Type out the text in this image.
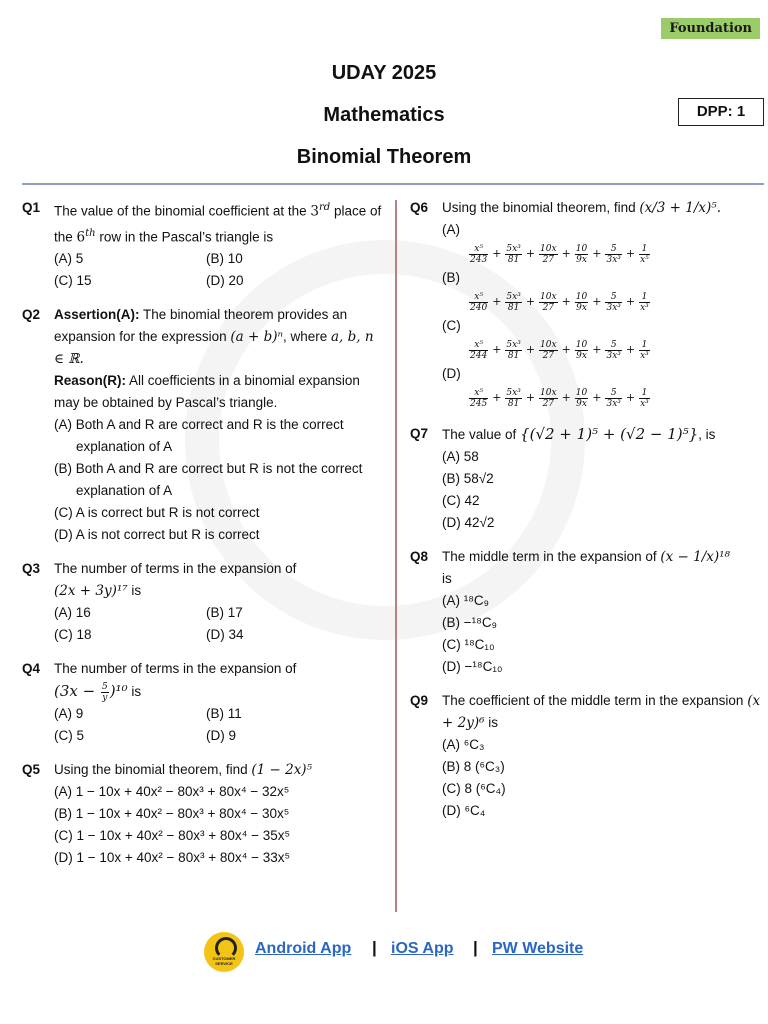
Foundation
UDAY 2025
Mathematics
Binomial Theorem
DPP: 1
Q1 The value of the binomial coefficient at the 3rd place of the 6th row in the Pascal’s triangle is
(A) 5	(B) 10
(C) 15	(D) 20
Q2 Assertion(A): The binomial theorem provides an expansion for the expression (a + b)ⁿ, where a, b, n ∈ ℝ.
Reason(R): All coefficients in a binomial expansion may be obtained by Pascal’s triangle.
(A) Both A and R are correct and R is the correct explanation of A
(B) Both A and R are correct but R is not the correct explanation of A
(C) A is correct but R is not correct
(D) A is not correct but R is correct
Q3 The number of terms in the expansion of
(2x + 3y)¹⁷ is
(A) 16	(B) 17
(C) 18	(D) 34
Q4 The number of terms in the expansion of
$(3x - \frac{5}{y} )^{10}$ is
(A) 9	(B) 11
(C) 5	(D) 9
Q5 Using the binomial theorem, find (1 − 2x)⁵
(A) 1 − 10x + 40x² − 80x³ + 80x⁴ − 32x⁵
(B) 1 − 10x + 40x² − 80x³ + 80x⁴ − 30x⁵
(C) 1 − 10x + 40x² − 80x³ + 80x⁴ − 35x⁵
(D) 1 − 10x + 40x² − 80x³ + 80x⁴ − 33x⁵
Q6 Using the binomial theorem, find (x/3 + 1/x)⁵.
(A)
$\frac{\text{x⁵}}{243} + \frac{\text{5x³}}{81} + \frac{10x}{27} + \frac{10}{9x} + \frac{5}{\text{3x³}} + \frac{1}{\text{x⁵}}$
(B)
$\frac{\text{x⁵}}{240} + \frac{\text{5x³}}{81} + \frac{10x}{27} + \frac{10}{9x} + \frac{5}{\text{3x³}} + \frac{1}{\text{x³}}$
(C)
$\frac{\text{x⁵}}{244} + \frac{\text{5x³}}{81} + \frac{10x}{27} + \frac{10}{9x} + \frac{5}{\text{3x³}} + \frac{1}{\text{x³}}$
(D)
$\frac{\text{x⁵}}{245} + \frac{\text{5x³}}{81} + \frac{10x}{27} + \frac{10}{9x} + \frac{5}{\text{3x³}} + \frac{1}{\text{x³}}$
Q7 The value of {(√2 + 1)⁵ + (√2 − 1)⁵}, is
(A) 58
(B) 58√2
(C) 42
(D) 42√2
Q8 The middle term in the expansion of (x − 1/x)¹⁸
is
(A) ¹⁸C₉
(B) −¹⁸C₉
(C) ¹⁸C₁₀
(D) −¹⁸C₁₀
Q9 The coefficient of the middle term in the expansion (x + 2y)⁶ is
(A) ⁶C₃
(B) 8 (⁶C₃)
(C) 8 (⁶C₄)
(D) ⁶C₄
CUSTOMER SERVICE
Android App | iOS App | PW Website
